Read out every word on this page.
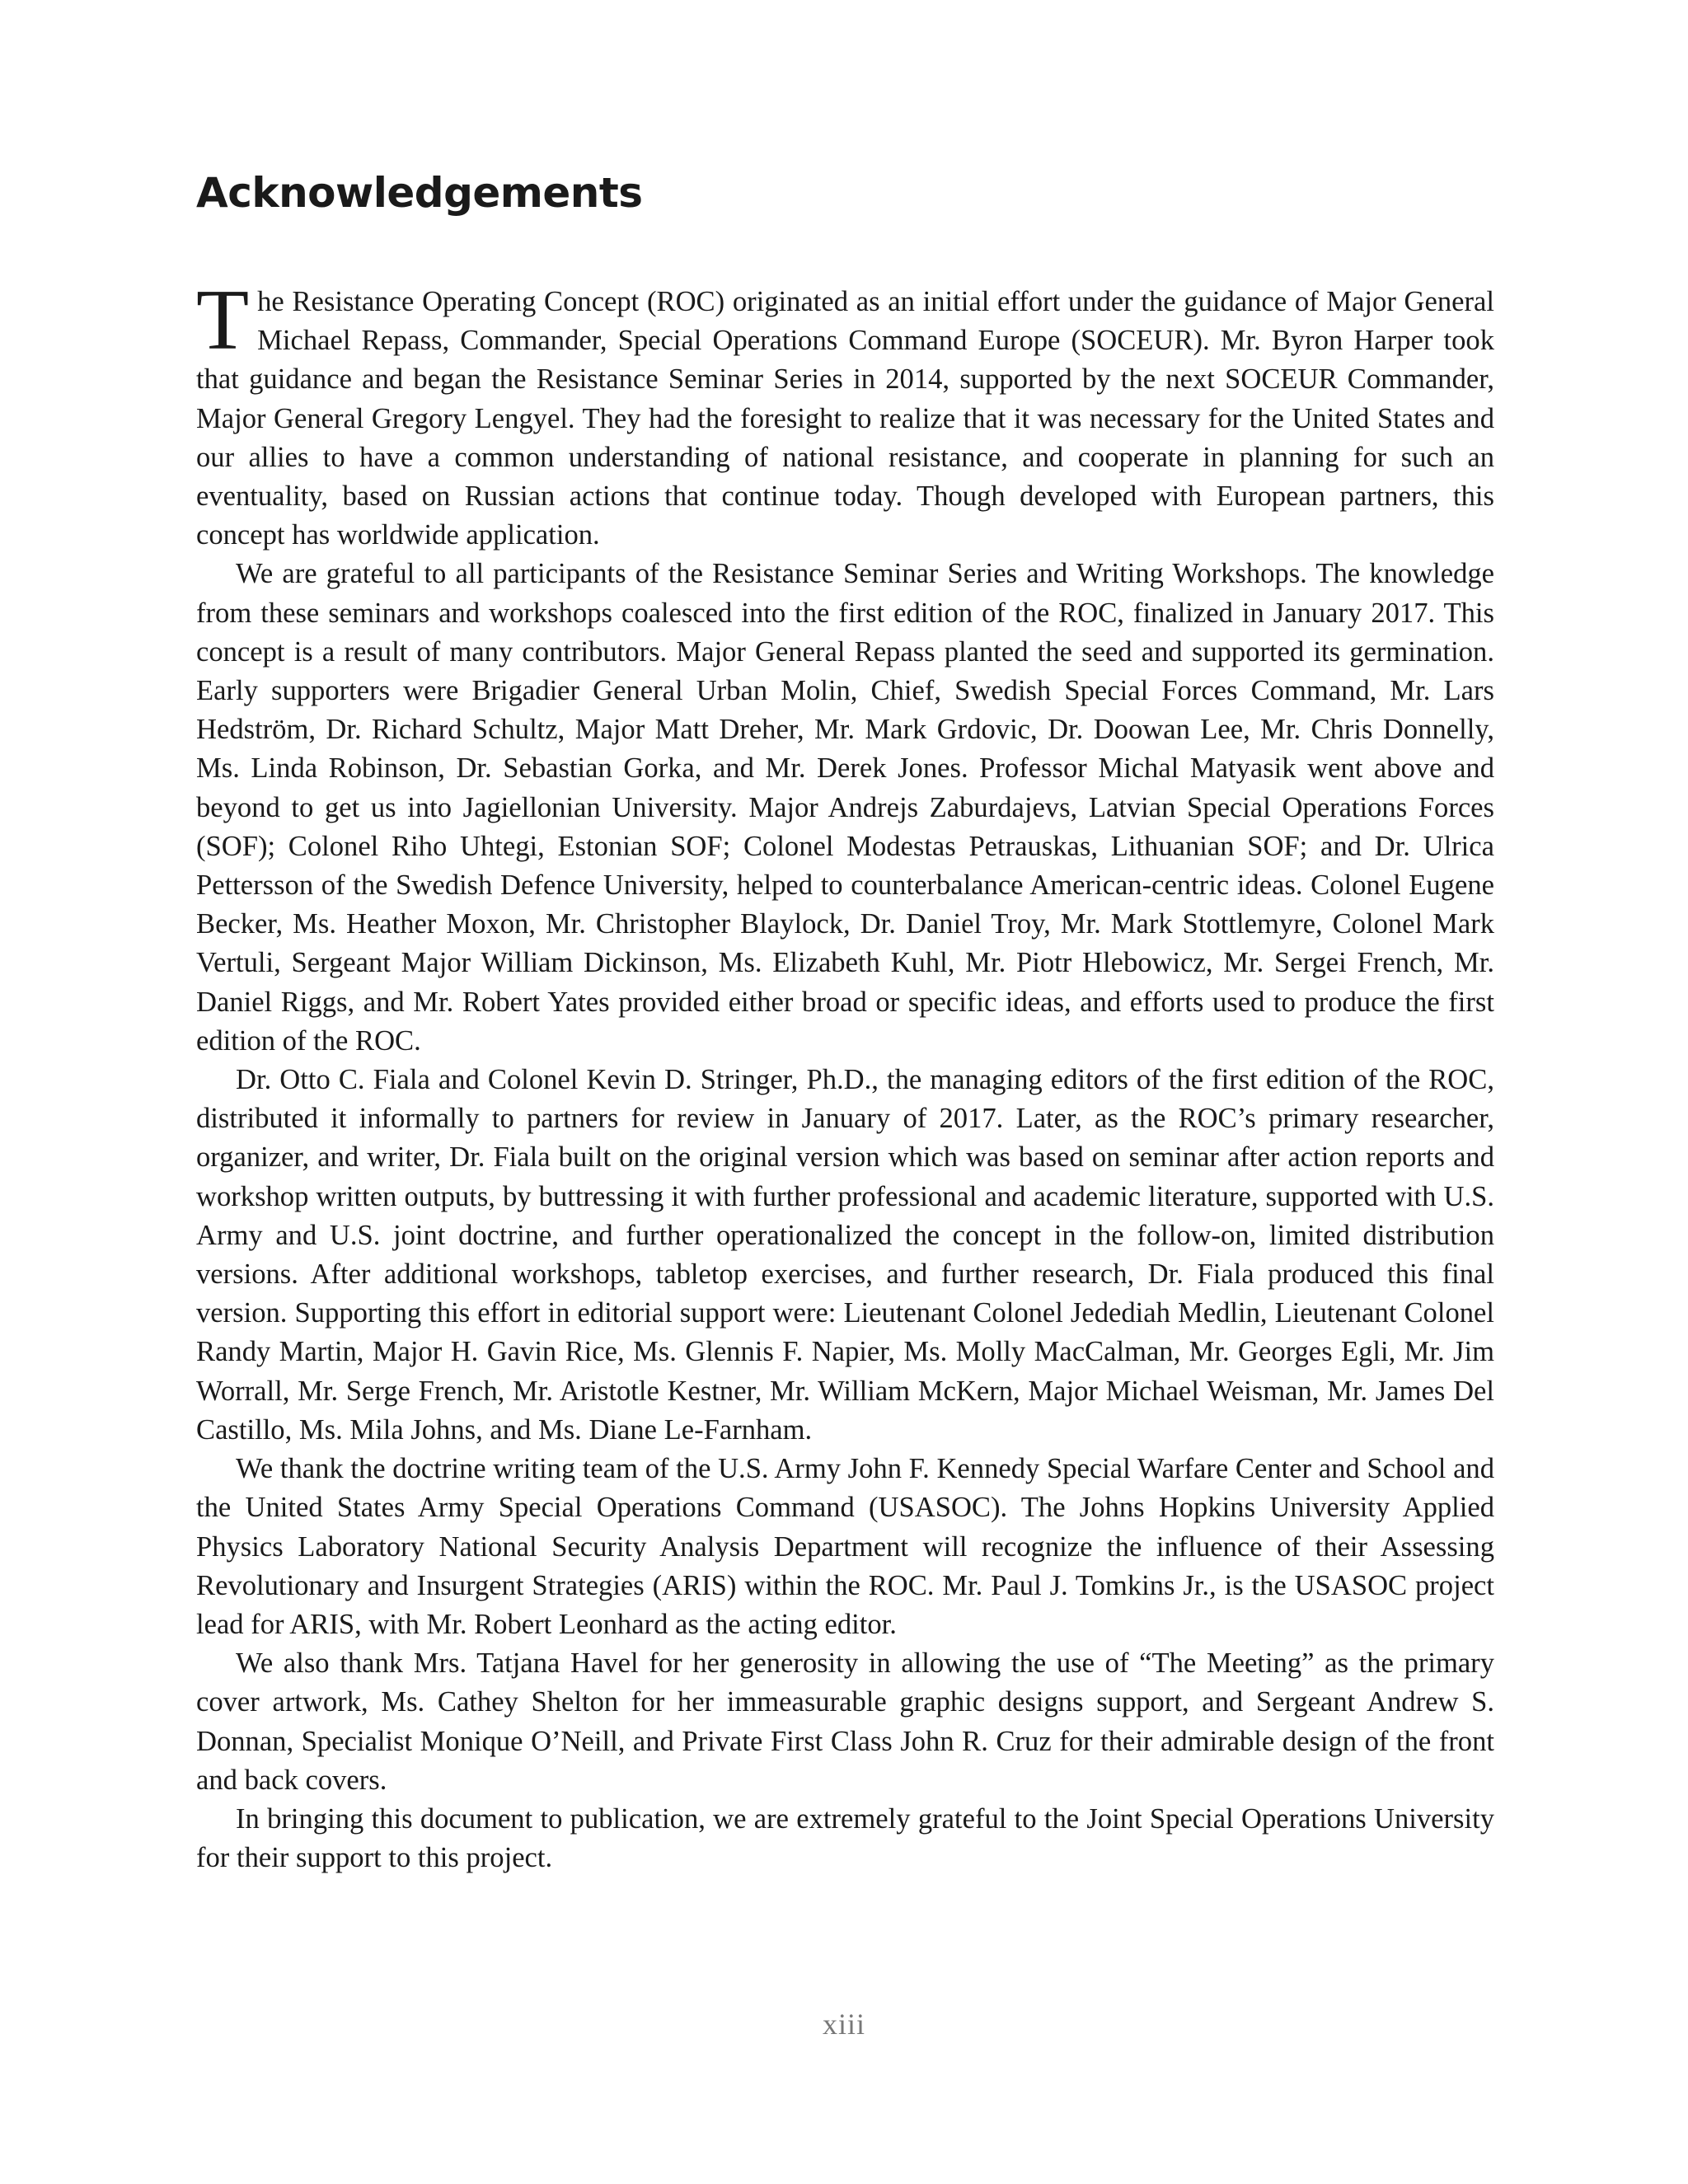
Acknowledgements

The Resistance Operating Concept (ROC) originated as an initial effort under the guidance of Major General Michael Repass, Commander, Special Operations Command Europe (SOCEUR). Mr. Byron Harper took that guidance and began the Resistance Seminar Series in 2014, supported by the next SOCEUR Commander, Major General Gregory Lengyel. They had the foresight to realize that it was necessary for the United States and our allies to have a common understanding of national resistance, and cooperate in planning for such an eventuality, based on Russian actions that continue today. Though developed with European partners, this concept has worldwide application.

We are grateful to all participants of the Resistance Seminar Series and Writing Workshops. The knowledge from these seminars and workshops coalesced into the first edition of the ROC, finalized in January 2017. This concept is a result of many contributors. Major General Repass planted the seed and supported its germination. Early supporters were Brigadier General Urban Molin, Chief, Swedish Special Forces Command, Mr. Lars Hedström, Dr. Richard Schultz, Major Matt Dreher, Mr. Mark Grdovic, Dr. Doowan Lee, Mr. Chris Donnelly, Ms. Linda Robinson, Dr. Sebastian Gorka, and Mr. Derek Jones. Professor Michal Matyasik went above and beyond to get us into Jagiellonian University. Major Andrejs Zaburdajevs, Latvian Special Operations Forces (SOF); Colonel Riho Uhtegi, Estonian SOF; Colonel Modestas Petrauskas, Lithuanian SOF; and Dr. Ulrica Pettersson of the Swedish Defence University, helped to counterbalance American-centric ideas. Colonel Eugene Becker, Ms. Heather Moxon, Mr. Christopher Blaylock, Dr. Daniel Troy, Mr. Mark Stottlemyre, Colonel Mark Vertuli, Sergeant Major William Dickinson, Ms. Elizabeth Kuhl, Mr. Piotr Hlebowicz, Mr. Sergei French, Mr. Daniel Riggs, and Mr. Robert Yates provided either broad or specific ideas, and efforts used to produce the first edition of the ROC.

Dr. Otto C. Fiala and Colonel Kevin D. Stringer, Ph.D., the managing editors of the first edition of the ROC, distributed it informally to partners for review in January of 2017. Later, as the ROC’s primary researcher, organizer, and writer, Dr. Fiala built on the original version which was based on seminar after action reports and workshop written outputs, by buttressing it with further professional and academic literature, supported with U.S. Army and U.S. joint doctrine, and further operationalized the concept in the follow-on, limited distribution versions. After additional workshops, tabletop exercises, and further research, Dr. Fiala produced this final version. Supporting this effort in editorial support were: Lieutenant Colonel Jedediah Medlin, Lieutenant Colonel Randy Martin, Major H. Gavin Rice, Ms. Glennis F. Napier, Ms. Molly MacCalman, Mr. Georges Egli, Mr. Jim Worrall, Mr. Serge French, Mr. Aristotle Kestner, Mr. William McKern, Major Michael Weisman, Mr. James Del Castillo, Ms. Mila Johns, and Ms. Diane Le-Farnham.

We thank the doctrine writing team of the U.S. Army John F. Kennedy Special Warfare Center and School and the United States Army Special Operations Command (USASOC). The Johns Hopkins University Applied Physics Laboratory National Security Analysis Department will recognize the influence of their Assessing Revolutionary and Insurgent Strategies (ARIS) within the ROC. Mr. Paul J. Tomkins Jr., is the USASOC project lead for ARIS, with Mr. Robert Leonhard as the acting editor.

We also thank Mrs. Tatjana Havel for her generosity in allowing the use of “The Meeting” as the primary cover artwork, Ms. Cathey Shelton for her immeasurable graphic designs support, and Sergeant Andrew S. Donnan, Specialist Monique O’Neill, and Private First Class John R. Cruz for their admirable design of the front and back covers.

In bringing this document to publication, we are extremely grateful to the Joint Special Operations University for their support to this project.

xiii
